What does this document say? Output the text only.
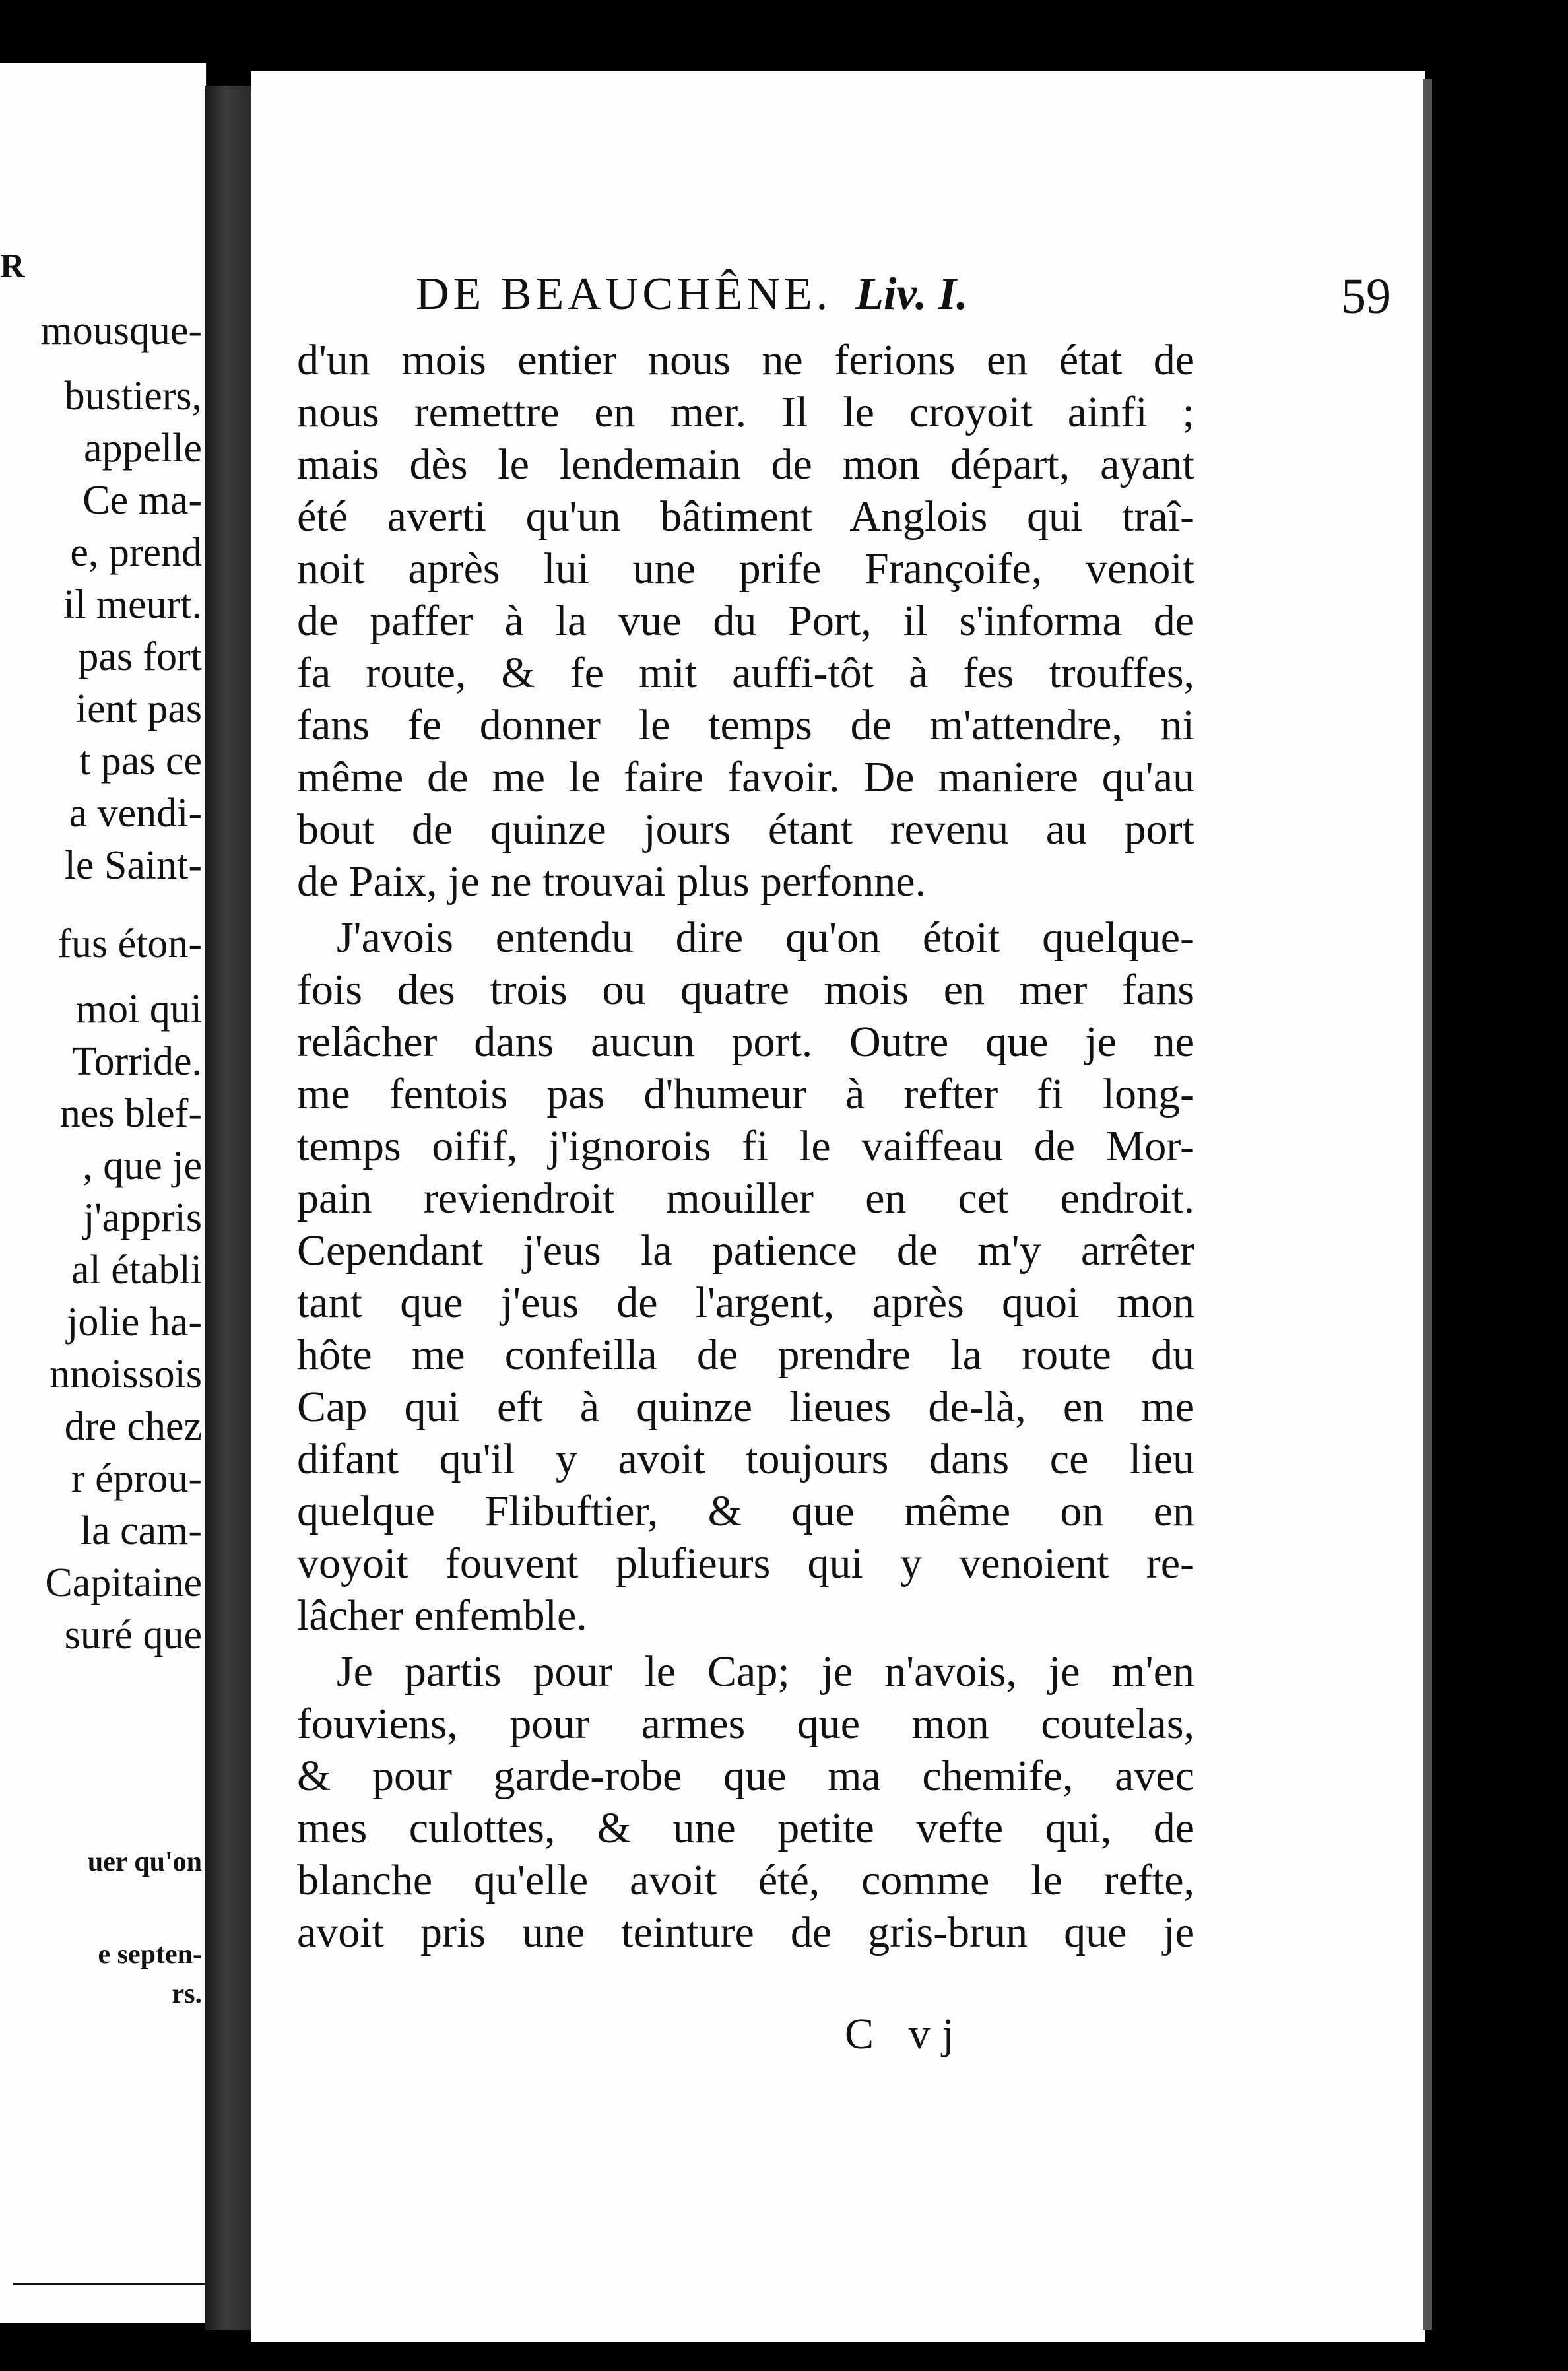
R
mousque-
bustiers,
appelle
Ce ma-
e, prend
il meurt.
pas fort
ient pas
t pas ce
a vendi-
le Saint-
fus éton-
moi qui
Torride.
nes blef-
, que je
j'appris
al établi
jolie ha-
nnoissois
dre chez
r éprou-
la cam-
Capitaine
suré que
uer qu'on
e septen-
rs.
DE BEAUCHÊNE. Liv. I.	59
d'un mois entier nous ne ferions en état de
nous remettre en mer. Il le croyoit ainfi ;
mais dès le lendemain de mon départ, ayant
été averti qu'un bâtiment Anglois qui traî-
noit après lui une prife Françoife, venoit
de paffer à la vue du Port, il s'informa de
fa route, & fe mit auffi-tôt à fes trouffes,
fans fe donner le temps de m'attendre, ni
même de me le faire favoir. De maniere qu'au
bout de quinze jours étant revenu au port
de Paix, je ne trouvai plus perfonne.
J'avois entendu dire qu'on étoit quelque-
fois des trois ou quatre mois en mer fans
relâcher dans aucun port. Outre que je ne
me fentois pas d'humeur à refter fi long-
temps oifif, j'ignorois fi le vaiffeau de Mor-
pain reviendroit mouiller en cet endroit.
Cependant j'eus la patience de m'y arrêter
tant que j'eus de l'argent, après quoi mon
hôte me confeilla de prendre la route du
Cap qui eft à quinze lieues de-là, en me
difant qu'il y avoit toujours dans ce lieu
quelque Flibuftier, & que même on en
voyoit fouvent plufieurs qui y venoient re-
lâcher enfemble.
Je partis pour le Cap; je n'avois, je m'en
fouviens, pour armes que mon coutelas,
& pour garde-robe que ma chemife, avec
mes culottes, & une petite vefte qui, de
blanche qu'elle avoit été, comme le refte,
avoit pris une teinture de gris-brun que je
C vj
